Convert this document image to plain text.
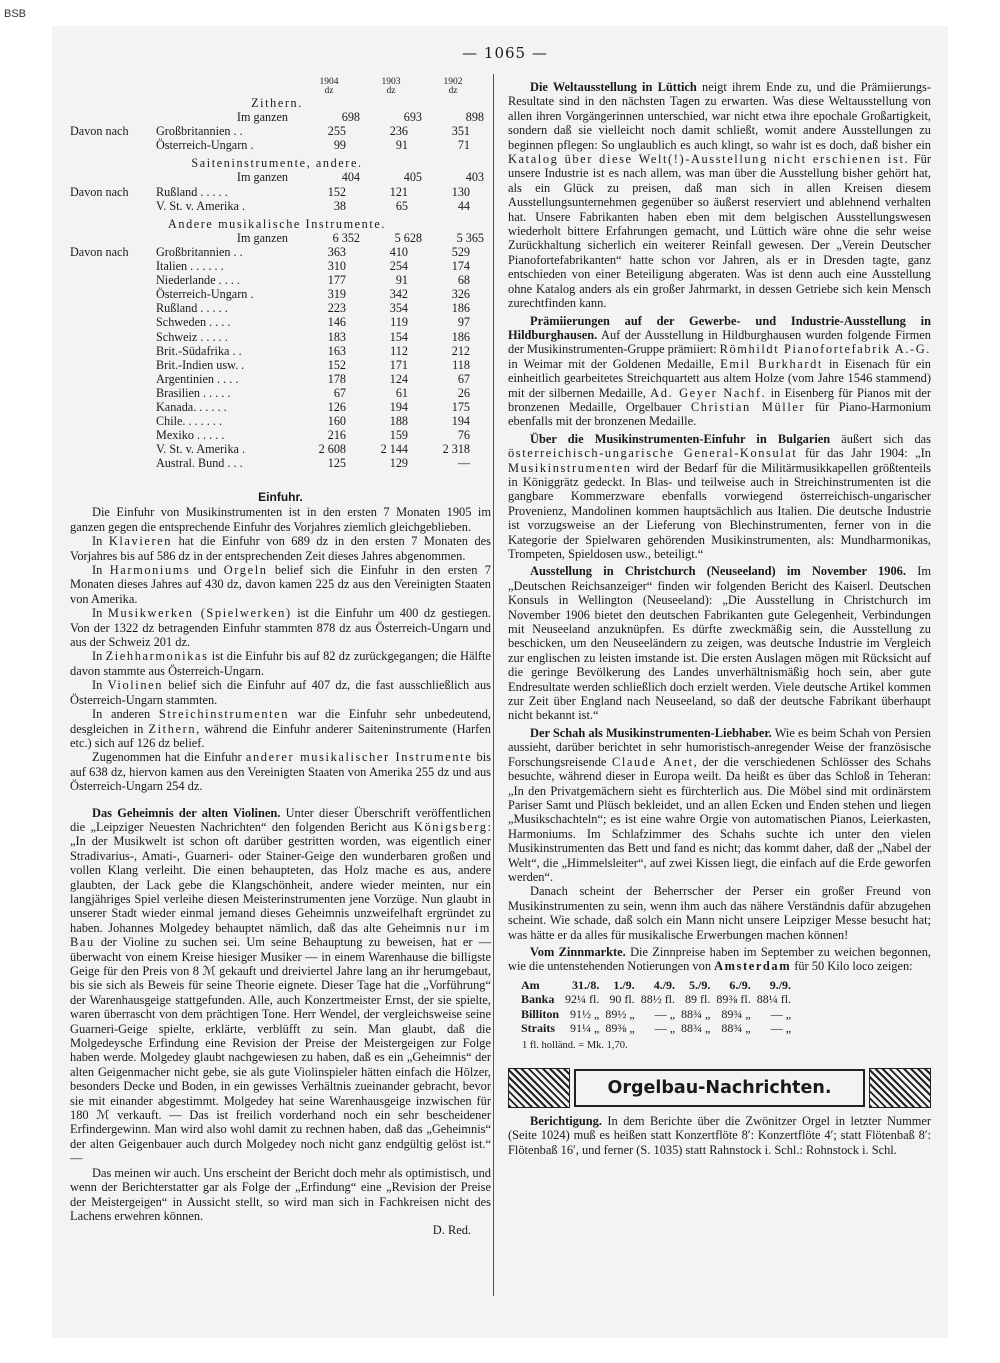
BSB
— 1065 —
		1904	1903	1902
		dz	dz	dz
Zithern.				
	Im ganzen	698	693	898
Davon nach	Großbritannien . .	255	236	351
	Österreich-Ungarn .	99	91	71
Saiteninstrumente, andere.				
	Im ganzen	404	405	403
Davon nach	Rußland . . . . .	152	121	130
	V. St. v. Amerika .	38	65	44
Andere musikalische Instrumente.				
	Im ganzen	6 352	5 628	5 365
Davon nach	Großbritannien . .	363	410	529
	Italien . . . . . .	310	254	174
	Niederlande . . . .	177	91	68
	Österreich-Ungarn .	319	342	326
	Rußland . . . . .	223	354	186
	Schweden . . . .	146	119	97
	Schweiz . . . . .	183	154	186
	Brit.-Südafrika . .	163	112	212
	Brit.-Indien usw. .	152	171	118
	Argentinien . . . .	178	124	67
	Brasilien . . . . .	67	61	26
	Kanada. . . . . .	126	194	175
	Chile. . . . . . .	160	188	194
	Mexiko . . . . .	216	159	76
	V. St. v. Amerika .	2 608	2 144	2 318
	Austral. Bund . . .	125	129	—

Einfuhr.

Die Einfuhr von Musikinstrumenten ist in den ersten 7 Monaten 1905 im ganzen gegen die entsprechende Einfuhr des Vorjahres ziemlich gleichgeblieben.

In Klavieren hat die Einfuhr von 689 dz in den ersten 7 Monaten des Vorjahres bis auf 586 dz in der entsprechenden Zeit dieses Jahres abgenommen.

In Harmoniums und Orgeln belief sich die Einfuhr in den ersten 7 Monaten dieses Jahres auf 430 dz, davon kamen 225 dz aus den Vereinigten Staaten von Amerika.

In Musikwerken (Spielwerken) ist die Einfuhr um 400 dz gestiegen. Von der 1322 dz betragenden Einfuhr stammten 878 dz aus Österreich-Ungarn und aus der Schweiz 201 dz.

In Ziehharmonikas ist die Einfuhr bis auf 82 dz zurückgegangen; die Hälfte davon stammte aus Österreich-Ungarn.

In Violinen belief sich die Einfuhr auf 407 dz, die fast ausschließlich aus Österreich-Ungarn stammten.

In anderen Streichinstrumenten war die Einfuhr sehr unbedeutend, desgleichen in Zithern, während die Einfuhr anderer Saiteninstrumente (Harfen etc.) sich auf 126 dz belief.

Zugenommen hat die Einfuhr anderer musikalischer Instrumente bis auf 638 dz, hiervon kamen aus den Vereinigten Staaten von Amerika 255 dz und aus Österreich-Ungarn 254 dz.

Das Geheimnis der alten Violinen. Unter dieser Überschrift veröffentlichen die „Leipziger Neuesten Nachrichten“ den folgenden Bericht aus Königsberg: „In der Musikwelt ist schon oft darüber gestritten worden, was eigentlich einer Stradivarius-, Amati-, Guarneri- oder Stainer-Geige den wunderbaren großen und vollen Klang verleiht. Die einen behaupteten, das Holz mache es aus, andere glaubten, der Lack gebe die Klangschönheit, andere wieder meinten, nur ein langjähriges Spiel verleihe diesen Meisterinstrumenten jene Vorzüge. Nun glaubt in unserer Stadt wieder einmal jemand dieses Geheimnis unzweifelhaft ergründet zu haben. Johannes Molgedey behauptet nämlich, daß das alte Geheimnis nur im Bau der Violine zu suchen sei. Um seine Behauptung zu beweisen, hat er — überwacht von einem Kreise hiesiger Musiker — in einem Warenhause die billigste Geige für den Preis von 8 ℳ gekauft und dreiviertel Jahre lang an ihr herumgebaut, bis sie sich als Beweis für seine Theorie eignete. Dieser Tage hat die „Vorführung“ der Warenhausgeige stattgefunden. Alle, auch Konzertmeister Ernst, der sie spielte, waren überrascht von dem prächtigen Tone. Herr Wendel, der vergleichsweise seine Guarneri-Geige spielte, erklärte, verblüfft zu sein. Man glaubt, daß die Molgedeysche Erfindung eine Revision der Preise der Meistergeigen zur Folge haben werde. Molgedey glaubt nachgewiesen zu haben, daß es ein „Geheimnis“ der alten Geigenmacher nicht gebe, sie als gute Violinspieler hätten einfach die Hölzer, besonders Decke und Boden, in ein gewisses Verhältnis zueinander gebracht, bevor sie mit einander abgestimmt. Molgedey hat seine Warenhausgeige inzwischen für 180 ℳ verkauft. — Das ist freilich vorderhand noch ein sehr bescheidener Erfindergewinn. Man wird also wohl damit zu rechnen haben, daß das „Geheimnis“ der alten Geigenbauer auch durch Molgedey noch nicht ganz endgültig gelöst ist.“ —

Das meinen wir auch. Uns erscheint der Bericht doch mehr als optimistisch, und wenn der Berichterstatter gar als Folge der „Erfindung“ eine „Revision der Preise der Meistergeigen“ in Aussicht stellt, so wird man sich in Fachkreisen nicht des Lachens erwehren können.

D. Red.

Die Weltausstellung in Lüttich neigt ihrem Ende zu, und die Prämiierungs-Resultate sind in den nächsten Tagen zu erwarten. Was diese Weltausstellung von allen ihren Vorgängerinnen unterschied, war nicht etwa ihre epochale Großartigkeit, sondern daß sie vielleicht noch damit schließt, womit andere Ausstellungen zu beginnen pflegen: So unglaublich es auch klingt, so wahr ist es doch, daß bisher ein Katalog über diese Welt(!)-Ausstellung nicht erschienen ist. Für unsere Industrie ist es nach allem, was man über die Ausstellung bisher gehört hat, als ein Glück zu preisen, daß man sich in allen Kreisen diesem Ausstellungsunternehmen gegenüber so äußerst reserviert und ablehnend verhalten hat. Unsere Fabrikanten haben eben mit dem belgischen Ausstellungswesen wiederholt bittere Erfahrungen gemacht, und Lüttich wäre ohne die sehr weise Zurückhaltung sicherlich ein weiterer Reinfall gewesen. Der „Verein Deutscher Pianofortefabrikanten“ hatte schon vor Jahren, als er in Dresden tagte, ganz entschieden von einer Beteiligung abgeraten. Was ist denn auch eine Ausstellung ohne Katalog anders als ein großer Jahrmarkt, in dessen Getriebe sich kein Mensch zurechtfinden kann.

Prämiierungen auf der Gewerbe- und Industrie-Ausstellung in Hildburghausen. Auf der Ausstellung in Hildburghausen wurden folgende Firmen der Musikinstrumenten-Gruppe prämiiert: Römhildt Pianofortefabrik A.-G. in Weimar mit der Goldenen Medaille, Emil Burkhardt in Eisenach für ein einheitlich gearbeitetes Streichquartett aus altem Holze (vom Jahre 1546 stammend) mit der silbernen Medaille, Ad. Geyer Nachf. in Eisenberg für Pianos mit der bronzenen Medaille, Orgelbauer Christian Müller für Piano-Harmonium ebenfalls mit der bronzenen Medaille.

Über die Musikinstrumenten-Einfuhr in Bulgarien äußert sich das österreichisch-ungarische General-Konsulat für das Jahr 1904: „In Musikinstrumenten wird der Bedarf für die Militärmusikkapellen größtenteils in Königgrätz gedeckt. In Blas- und teilweise auch in Streichinstrumenten ist die gangbare Kommerzware ebenfalls vorwiegend österreichisch-ungarischer Provenienz, Mandolinen kommen hauptsächlich aus Italien. Die deutsche Industrie ist vorzugsweise an der Lieferung von Blechinstrumenten, ferner von in die Kategorie der Spielwaren gehörenden Musikinstrumenten, als: Mundharmonikas, Trompeten, Spieldosen usw., beteiligt.“

Ausstellung in Christchurch (Neuseeland) im November 1906. Im „Deutschen Reichsanzeiger“ finden wir folgenden Bericht des Kaiserl. Deutschen Konsuls in Wellington (Neuseeland): „Die Ausstellung in Christchurch im November 1906 bietet den deutschen Fabrikanten gute Gelegenheit, Verbindungen mit Neuseeland anzuknüpfen. Es dürfte zweckmäßig sein, die Ausstellung zu beschicken, um den Neuseeländern zu zeigen, was deutsche Industrie im Vergleich zur englischen zu leisten imstande ist. Die ersten Auslagen mögen mit Rücksicht auf die geringe Bevölkerung des Landes unverhältnismäßig hoch sein, aber gute Endresultate werden schließlich doch erzielt werden. Viele deutsche Artikel kommen zur Zeit über England nach Neuseeland, so daß der deutsche Fabrikant überhaupt nicht bekannt ist.“

Der Schah als Musikinstrumenten-Liebhaber. Wie es beim Schah von Persien aussieht, darüber berichtet in sehr humoristisch-anregender Weise der französische Forschungsreisende Claude Anet, der die verschiedenen Schlösser des Schahs besuchte, während dieser in Europa weilt. Da heißt es über das Schloß in Teheran: „In den Privatgemächern sieht es fürchterlich aus. Die Möbel sind mit ordinärstem Pariser Samt und Plüsch bekleidet, und an allen Ecken und Enden stehen und liegen „Musikschachteln“; es ist eine wahre Orgie von automatischen Pianos, Leierkasten, Harmoniums. Im Schlafzimmer des Schahs suchte ich unter den vielen Musikinstrumenten das Bett und fand es nicht; das kommt daher, daß der „Nabel der Welt“, die „Himmelsleiter“, auf zwei Kissen liegt, die einfach auf die Erde geworfen werden“.

Danach scheint der Beherrscher der Perser ein großer Freund von Musikinstrumenten zu sein, wenn ihm auch das nähere Verständnis dafür abzugehen scheint. Wie schade, daß solch ein Mann nicht unsere Leipziger Messe besucht hat; was hätte er da alles für musikalische Erwerbungen machen können!

Vom Zinnmarkte. Die Zinnpreise haben im September zu weichen begonnen, wie die untenstehenden Notierungen von Amsterdam für 50 Kilo loco zeigen:

Am	31./8.	1./9.	4./9.	5./9.	6./9.	9./9.
Banka	92¼ fl.	90 fl.	88½ fl.	89 fl.	89⅜ fl.	88¼ fl.
Billiton	91½ „	89½ „	— „	88¾ „	89¾ „	— „
Straits	91¼ „	89⅜ „	— „	88¾ „	88¾ „	— „

1 fl. holländ. = Mk. 1,70.

Orgelbau-Nachrichten.

Berichtigung. In dem Berichte über die Zwönitzer Orgel in letzter Nummer (Seite 1024) muß es heißen statt Konzertflöte 8′: Konzertflöte 4′; statt Flötenbaß 8′: Flötenbaß 16′, und ferner (S. 1035) statt Rahnstock i. Schl.: Rohnstock i. Schl.
